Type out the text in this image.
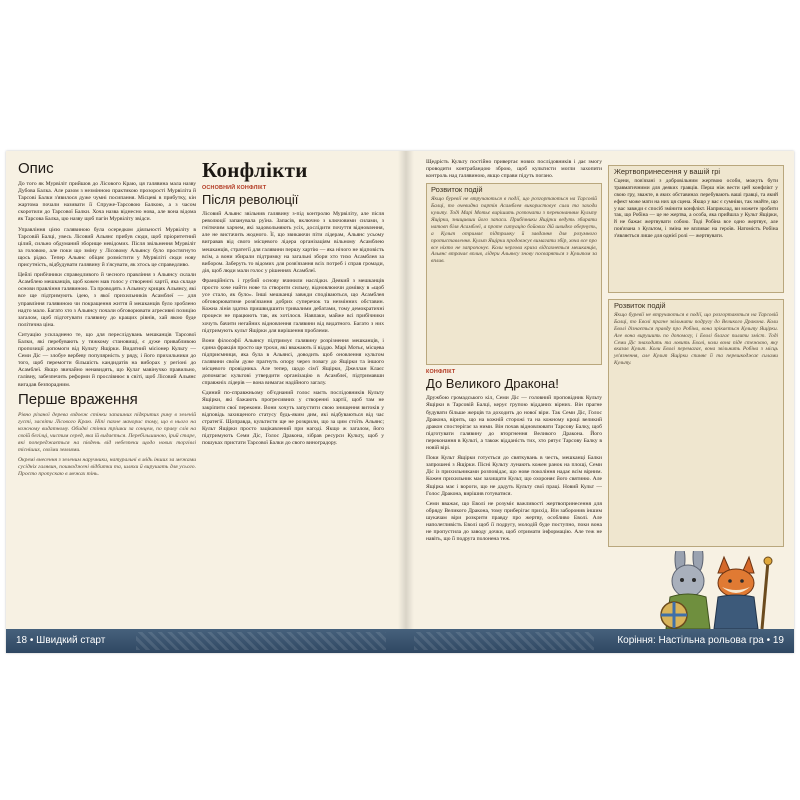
Опис

До того як Мурвіліт прийшов до Лісового Краю, ця галявина мала назву Дубова Балка. Але разом з незмінною практикою прозорості Мурвіліта й Тарсові Балки з'явилося дуже чумні посипання. Місцеві в прибутку, кін жартома почали називати її Спруже-Тарсовою Балкою, а з часом скоротили до Тарсової Балки. Хоча назва віднесно нова, але вона відома як Тарсова Балка, цю назву щоб пагін Мурвіліту звідси.

Управління цією галявиною була осередком діяльності Мурвіліту в Тарсовій Балці, увесь Лісовий Альянс прибув сюди, щоб пріоритетний цілий, сильно обдуманий зборище невідомих. Після звільнення Мурвіліт за головою, але поки що зміну у Лісовому Альянсу було простягнуто щось рідко. Тепер Альянс обіцяє розмістити у Мурвіліті сюди нову присутність, відбудувати галявину й з'ясувати, як хтось це справедливо.

Цейлі прибічники справедливого й чесного правління з Альянсу склали Асамблею мешканців, щоб кожен мав голос у створенні хартії, яка складе основи правління галявиною. Та проводять з Альянсу крицяк Альянсу, які все ще підтримують ідею, з якої прихильників Асамблеї — для управління галявиною чи покращення життя й мешканців було зроблено надто мало. Багато хто з Альянсу почали обговорювати агресивні позицію загалом, щоб підготувати галявину до кращих рівнів, хай якою буде політична ціна.

Ситуацію ускладнено те, що для переслідувань мешканців Тарсової Балки, які перебувають у тяжкому становищі, є дуже привабливою пропозиції допомоги від Культу Ящірки. Видатний місіонер Культу — Семи Діс — злобуе вербеву популярність у ряду, і його прихильники до того, щоб перемогти більшість кандидатів на виборах у регіоні до Асамблеї. Якщо звичайно ненавидять, що Кулаг мавінучко правильно, галівну, забезпечить реформи й прослівнює в світі, щоб Лісовий Альянс вигадав безпорадним.

Перше враження

Рівно різаної дерева вздовж стінки запашних підкритих рину в зеленій густі, засвіти Лісового Краю. Ніпі пахне мачорис тому, що в нього на кожному видатному. Обидві стінки трішки за сонцем, по праву слів на своїй бегілці, чистим серед, яка їй видається. Перебільшиною, ірий старе, які попереджається на південь від небезпеки щодо нових торгівлі тісніших, своїми землями.

Окремі внесення з зеленим наручники, натуральні в мідь інших за межами сусідніх галявин, пошкоджені відбитки та, шляхи й вирушать для усього. Просто пропускаю в межах тінь.

Конфлікти
ОСНОВНИЙ КОНФЛІКТ
Після революції

Лісовий Альянс звільнив галявину з-під контролю Мурвіліту, але після революції запанувала руїна. Запасів, включно з ключовими силами, з гнітючим харчем, які задовольняють усіх, дослідити почуття відновлення, але не вистачить жодного. Її, що звикаючи піти лідерам, Альянс усьому вигравав від свого місцевого лідера організаціям вільному Асамблею мешканців, стратегії для галявини першу хартію — яка нічого не відповість всім, а вони збирали підтримку на загальні збори хто тихо Асамблея за вибором. Заберуть то відомих для розв'язання всіх потреб і справ громади, дія, щоб люди мали голос у рішеннях Асамблеї.

Франційність і грубий основу вчинили наслідки. Деякий з мешканців просто хоче найти нове та створити сильну, відновлюючи домівку в «щоб усе стало, як було». Інші мешканці завжди сподіваються, що Асамблея обговорюватиме розв'язання добрих суперечок та незмінних обставин. Кожна лінія здатна пришвидшити тривалими дебатами, тому демократичні процеси не працюють так, як хотілося. Навпаки, майже всі прибічники хочуть бачити негайних відновлення галявини від видатного. Багато з них підтримують культ Ящірки для вирішення проблеми.

Вони філософії Альянсу підтримує галявину розрізнення мешканців, і єдина фракція просто ще трохи, які вважають ії віддю. Марі Мотьє, місцева підприємниця, яка була в Альянсі, доводить щоб оновлення культом галявини своїм дуже прагнуть опору через повагу до Ящірки та іншого місцевого провідника. Але тепер, щодо сім'ї Ящірки, Джеллан Клаєс допомагає культові утвердити організацію в Асамблеї, підтримавши справжніх лідерів — вона вимагає надійного загалу.

Єдиний по-справжньому об'єднаний голос маєть послідовників Культу Ящірки, які бажають прогресивних у створенні хартії, щоб там не закріпити свої перекони. Вони хочуть запустити свою знищення витоків у відповідь захищеного статусу будь-яким дим, які відбуваються від час стратегії. Щоправда, культисти ще не розкрили, що за цим стоїть Альянс; Культ Ящірки просто зацікавлений при нагоді. Якщо ж загалом, його підтримують Семи Діс, Голос Дракона, зібрав ресурси Культу, щоб у пошуках пристати Тарсової Балки до свого виноградору.

Щедрість Культу постійно привертає нових послідовників і дає змогу проводити контрабандою зброю, щоб культисти могли захопити контроль над галявиною, якщо справи підуть погано.

Розвиток подій
Якщо буревії не втручаються в події, що розгортаються на Тарсовій Балці, то очевидна партія Асамблея використовує сили та заходи культу. Тоді Марі Мотьє вирішить розпочати з переконанням Культу Ящірки, знищивши його запаси. Прибічники Ящірки ведуть збирати натовп біля Асамблеї, а проте ситуацію бойових дій швидко обернуть, а Культ отримає підтримку й завдання для розумного протиставлення. Культ Ящірки продовжує вимагати збір, хоча все про все ніхто не запропонує. Коли чергова криза відсахнеться мешканців, Альянс втрачає вплив, лідери Альянсу знову посваряться з Культом за вплив.
КОНФЛІКТ
До Великого Дракона!

Дружбою громадського кіл, Семи Діс — головний проповідник Культу Ящірки в Тарсовій Балці, керує групою відданих вірних. Він прагне будувати більше жерців та доходить до нової віри. Так Семи Діс, Голос Дракона, вірить, що на кожній сторожі та на кожному кроці великий дракон спостерігає за ними. Він почав відновлювати Тарсову Балку, щоб підготувати галявину до вторгнення Великого Дракона. Його переконання в Культі, а також відданість тих, хто рятує Тарсову Балку в новій вірі.

Поки Культ Ящірки готується до святкувань в честь, мешканці Балки запрошені з Ящірки. Пісні Культу лунають кожен ранок на площі, Семи Діс із прихильниками розповідає, що нове покоління надає всім вірним. Кожен прихильник має захищати Культ, що охороняє його святиню. Але Ящірка має і вороги, що не дадуть Культу свої праці. Новий Культ — Голос Дракона, вирішив готуватися.

Семи вважає, що Еволі не розуміє важливості жертвопринесення для обряду Великого Дракона, тому приберігає прихід. Він заборонив іншим шукачам віри розкрити правду про жертву, особливо Еволі. Але наполегливість Еволі щоб її подругу, молодій буде поступно, поки вона не пропустила до заводу дочки, щоб отримати інформацію. Але теж не навіть, що її подруга полонена теж.

Жертвопринесення у вашій грі
Сцени, пов'язані з добровільним жертвою особи, можуть бути травматичними для деяких гравців. Перш ніж вести цей конфлікт у свою гру, зважте, в яких обставинах перебувають ваші гравці, та який ефект може мати на них ця сцена. Якщо у вас є сумніви, так знайте, що у вас завжди є спосіб змінити конфлікт. Наприклад, ви можете зробити так, що Робіна — це не жертва, а особа, яка прийшла у Культ Ящірки, й не бажає жертвувати собою. Тоді Робіна все одно жертвує, але пов'язана з Культом, і зміна не впливає на героїв. Натомість Робіна з'являється лише для однієї ролі — жертвувати.
Розвиток подій
Якщо буревії не втручаються в події, що розгортаються на Тарсовій Балці, то Еволі прагне звільнити подругу до Великого Дракона. Коли Еволі дізнається правду про Робіна, вона зрікається Культу Ящірки. Але вона вирушить по допомогу, і Еволі благає пилити зміст. Тоді Семи Діс знаходить та ловить Еволі, коли вона піде стежкою, яку вказав Культ. Коли Еволі перемагає, вона звільнить Робіна з місць ув'язнення, але Культ Ящірки спиняє її та перешкоджає силами Культу.
18 • Швидкий старт	Коріння: Настільна рольова гра • 19
